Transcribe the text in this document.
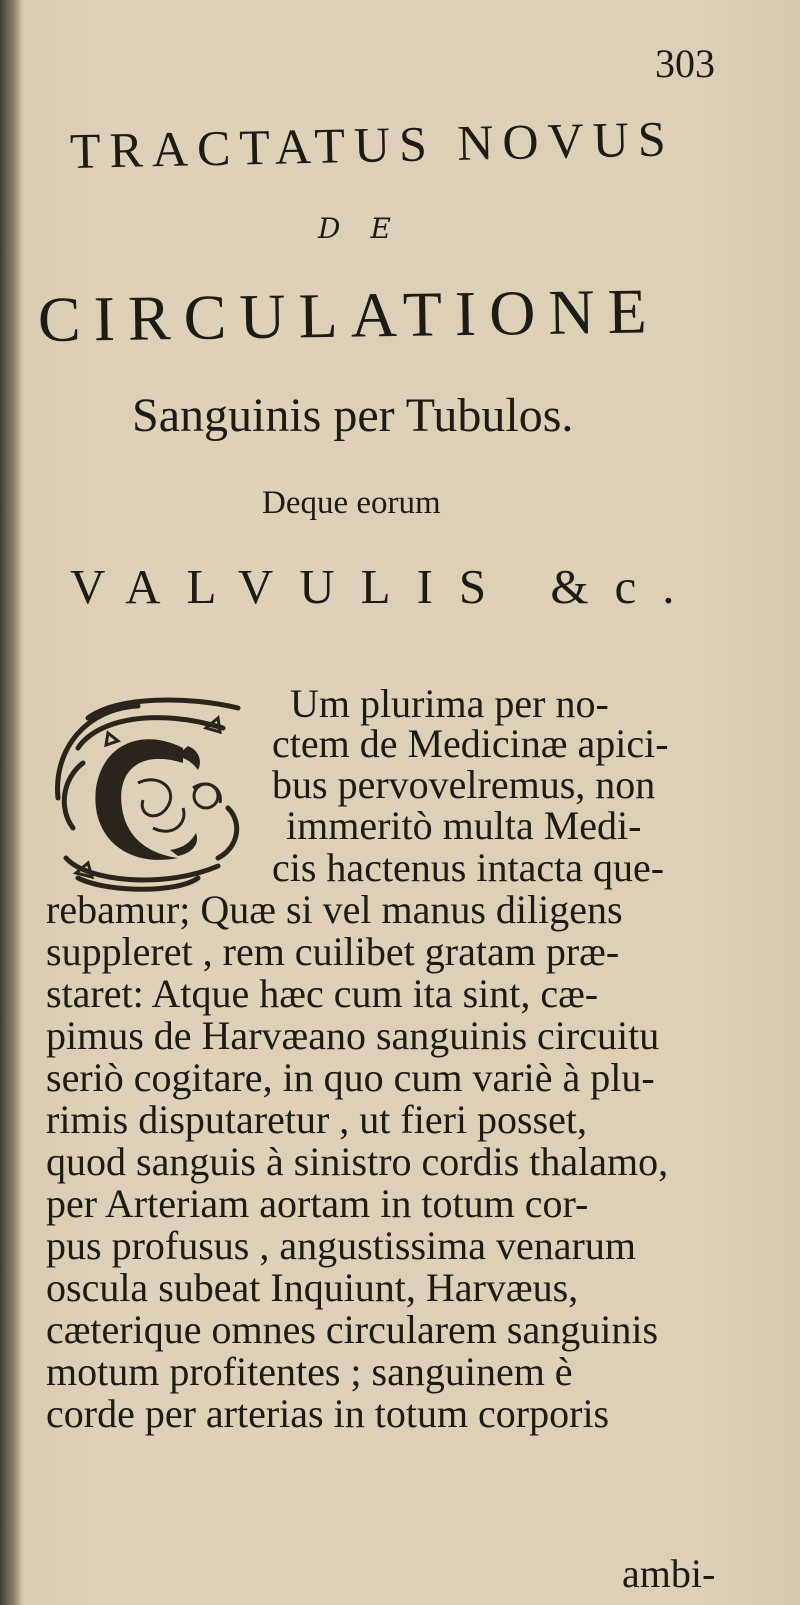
303
TRACTATUS NOVUS
DE
CIRCULATIONE
Sanguinis per Tubulos.
Deque eorum
VALVULIS &c.
Um plurima per no-
ctem de Medicinæ apici-
bus pervovelremus, non
immeritò multa Medi-
cis hactenus intacta que-
rebamur; Quæ si vel manus diligens
suppleret , rem cuilibet gratam præ-
staret: Atque hæc cum ita sint, cæ-
pimus de Harvæano sanguinis circuitu
seriò cogitare, in quo cum variè à plu-
rimis disputaretur , ut fieri posset,
quod sanguis à sinistro cordis thalamo,
per Arteriam aortam in totum cor-
pus profusus , angustissima venarum
oscula subeat Inquiunt, Harvæus,
cæterique omnes circularem sanguinis
motum profitentes ; sanguinem è
corde per arterias in totum corporis
ambi-
